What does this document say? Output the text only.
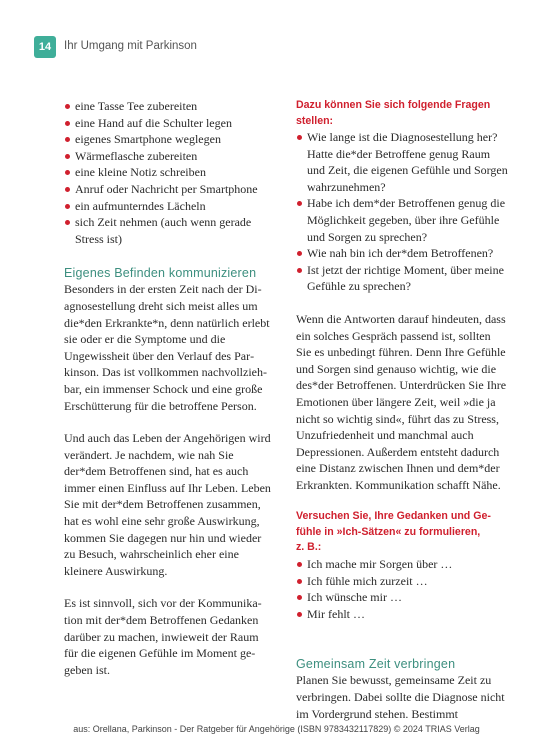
14	Ihr Umgang mit Parkinson
eine Tasse Tee zubereiten
eine Hand auf die Schulter legen
eigenes Smartphone weglegen
Wärmeflasche zubereiten
eine kleine Notiz schreiben
Anruf oder Nachricht per Smartphone
ein aufmunterndes Lächeln
sich Zeit nehmen (auch wenn gerade Stress ist)
Eigenes Befinden kommunizieren

Besonders in der ersten Zeit nach der Diagnosestellung dreht sich meist alles um die*den Erkrankte*n, denn natürlich erlebt sie oder er die Symptome und die Ungewissheit über den Verlauf des Parkinson. Das ist vollkommen nachvollziehbar, ein immenser Schock und eine große Erschütterung für die betroffene Person.

Und auch das Leben der Angehörigen wird verändert. Je nachdem, wie nah Sie der*dem Betroffenen sind, hat es auch immer einen Einfluss auf Ihr Leben. Leben Sie mit der*dem Betroffenen zusammen, hat es wohl eine sehr große Auswirkung, kommen Sie dagegen nur hin und wieder zu Besuch, wahrscheinlich eher eine kleinere Auswirkung.

Es ist sinnvoll, sich vor der Kommunikation mit der*dem Betroffenen Gedanken darüber zu machen, inwieweit der Raum für die eigenen Gefühle im Moment gegeben ist.

Dazu können Sie sich folgende Fragen stellen:
Wie lange ist die Diagnosestellung her? Hatte die*der Betroffene genug Raum und Zeit, die eigenen Gefühle und Sorgen wahrzunehmen?
Habe ich dem*der Betroffenen genug die Möglichkeit gegeben, über ihre Gefühle und Sorgen zu sprechen?
Wie nah bin ich der*dem Betroffenen?
Ist jetzt der richtige Moment, über meine Gefühle zu sprechen?

Wenn die Antworten darauf hindeuten, dass ein solches Gespräch passend ist, sollten Sie es unbedingt führen. Denn Ihre Gefühle und Sorgen sind genauso wichtig, wie die des*der Betroffenen. Unterdrücken Sie Ihre Emotionen über längere Zeit, weil »die ja nicht so wichtig sind«, führt das zu Stress, Unzufriedenheit und manchmal auch Depressionen. Außerdem entsteht dadurch eine Distanz zwischen Ihnen und dem*der Erkrankten. Kommunikation schafft Nähe.

Versuchen Sie, Ihre Gedanken und Gefühle in »Ich-Sätzen« zu formulieren, z. B.:
Ich mache mir Sorgen über …
Ich fühle mich zurzeit …
Ich wünsche mir …
Mir fehlt …
Gemeinsam Zeit verbringen

Planen Sie bewusst, gemeinsame Zeit zu verbringen. Dabei sollte die Diagnose nicht im Vordergrund stehen. Bestimmt

aus: Orellana, Parkinson - Der Ratgeber für Angehörige (ISBN 9783432117829) © 2024 TRIAS Verlag
